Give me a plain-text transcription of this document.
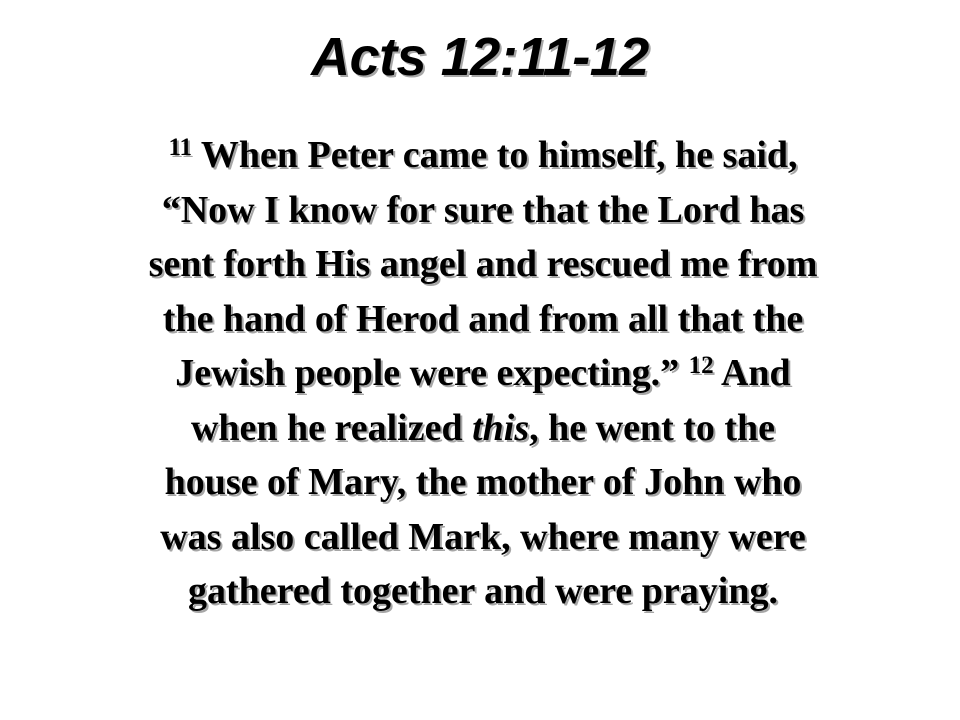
Acts 12:11-12
$^{11}$ When Peter came to himself, he said,
“Now I know for sure that the Lord has
sent forth His angel and rescued me from
the hand of Herod and from all that the
Jewish people were expecting.” $^{12}$ And
when he realized this, he went to the
house of Mary, the mother of John who
was also called Mark, where many were
gathered together and were praying.
